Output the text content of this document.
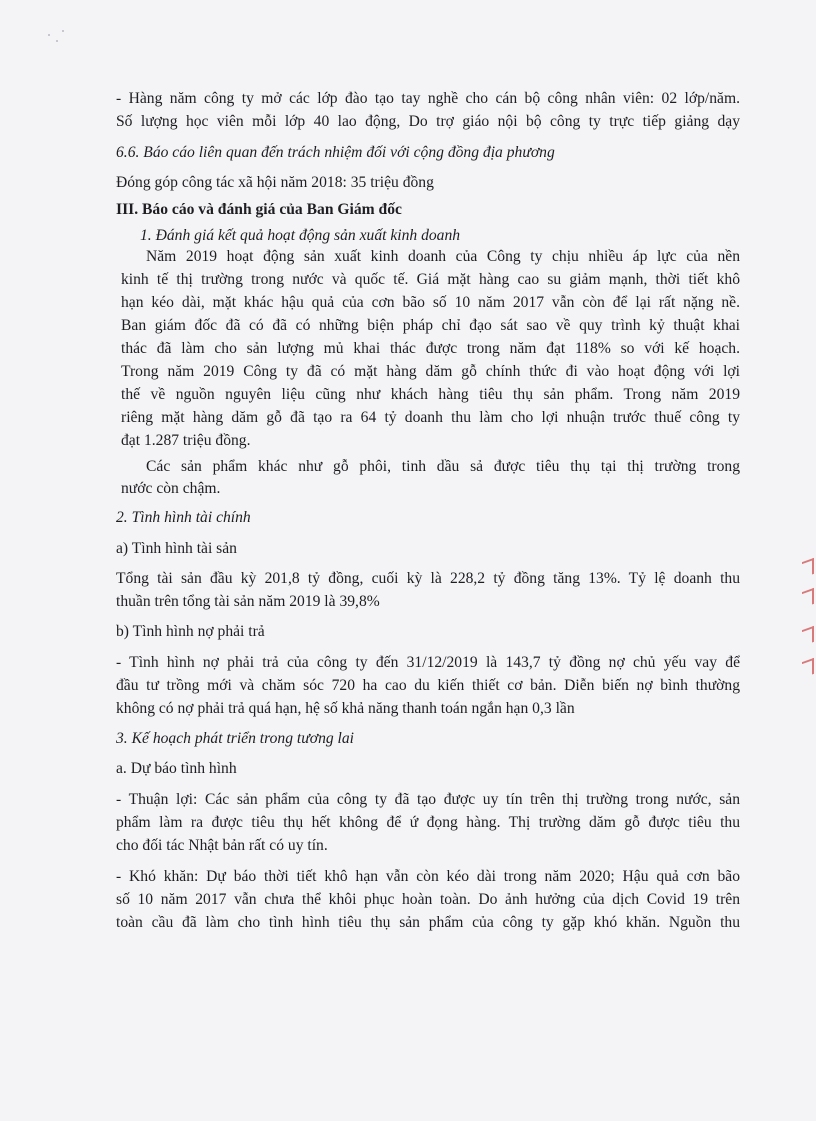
- Hàng năm công ty mở các lớp đào tạo tay nghề cho cán bộ công nhân viên: 02 lớp/năm.
Số lượng học viên mỗi lớp 40 lao động, Do trợ giáo nội bộ công ty trực tiếp giảng dạy
6.6. Báo cáo liên quan đến trách nhiệm đối với cộng đồng địa phương
Đóng góp công tác xã hội năm 2018: 35 triệu đồng
III. Báo cáo và đánh giá của Ban Giám đốc
1. Đánh giá kết quả hoạt động sản xuất kinh doanh
Năm 2019 hoạt động sản xuất kinh doanh của Công ty chịu nhiều áp lực của nền
kinh tế thị trường trong nước và quốc tế. Giá mặt hàng cao su giảm mạnh, thời tiết khô
hạn kéo dài, mặt khác hậu quả của cơn bão số 10 năm 2017 vẫn còn để lại rất nặng nề.
Ban giám đốc đã có đã có những biện pháp chỉ đạo sát sao về quy trình kỷ thuật khai
thác đã làm cho sản lượng mủ khai thác được trong năm đạt 118% so với kế hoạch.
Trong năm 2019 Công ty đã có mặt hàng dăm gỗ chính thức đi vào hoạt động với lợi
thế về nguồn nguyên liệu cũng như khách hàng tiêu thụ sản phẩm. Trong năm 2019
riêng mặt hàng dăm gỗ đã tạo ra 64 tỷ doanh thu làm cho lợi nhuận trước thuế công ty
đạt 1.287 triệu đồng.
Các sản phẩm khác như gỗ phôi, tinh dầu sả được tiêu thụ tại thị trường trong
nước còn chậm.
2. Tình hình tài chính
a) Tình hình tài sản
Tổng tài sản đầu kỳ 201,8 tỷ đồng, cuối kỳ là 228,2 tỷ đồng tăng 13%. Tỷ lệ doanh thu
thuần trên tổng tài sản năm 2019 là 39,8%
b) Tình hình nợ phải trả
- Tình hình nợ phải trả của công ty đến 31/12/2019 là 143,7 tỷ đồng nợ chủ yếu vay để
đầu tư trồng mới và chăm sóc 720 ha cao du kiến thiết cơ bản. Diễn biến nợ bình thường
không có nợ phải trả quá hạn, hệ số khả năng thanh toán ngắn hạn 0,3 lần
3. Kế hoạch phát triển trong tương lai
a. Dự báo tình hình
- Thuận lợi: Các sản phẩm của công ty đã tạo được uy tín trên thị trường trong nước, sản
phẩm làm ra được tiêu thụ hết không để ứ đọng hàng. Thị trường dăm gỗ được tiêu thu
cho đối tác Nhật bản rất có uy tín.
- Khó khăn: Dự báo thời tiết khô hạn vẫn còn kéo dài trong năm 2020; Hậu quả cơn bão
số 10 năm 2017 vẫn chưa thể khôi phục hoàn toàn. Do ảnh hưởng của dịch Covid 19 trên
toàn cầu đã làm cho tình hình tiêu thụ sản phẩm của công ty gặp khó khăn. Nguồn thu
